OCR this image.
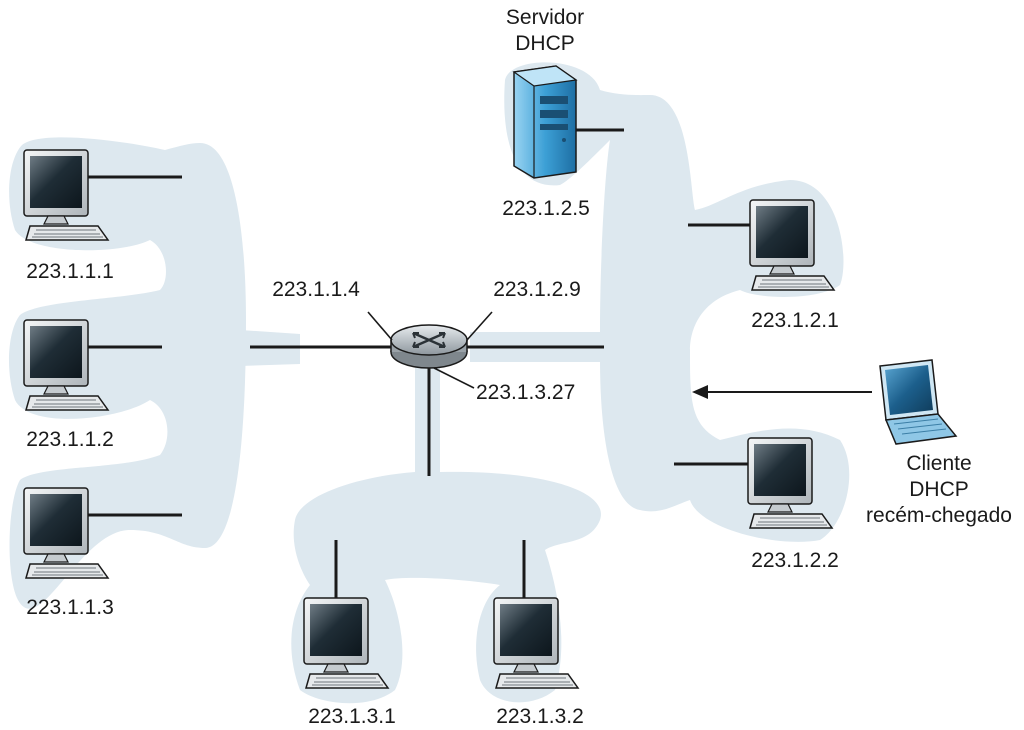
Servidor
DHCP
223.1.2.5
223.1.1.1
223.1.1.2
223.1.1.3
223.1.2.1
223.1.2.2
223.1.3.1	223.1.3.2
223.1.1.4	223.1.2.9
223.1.3.27
Cliente
DHCP
recém-chegado
